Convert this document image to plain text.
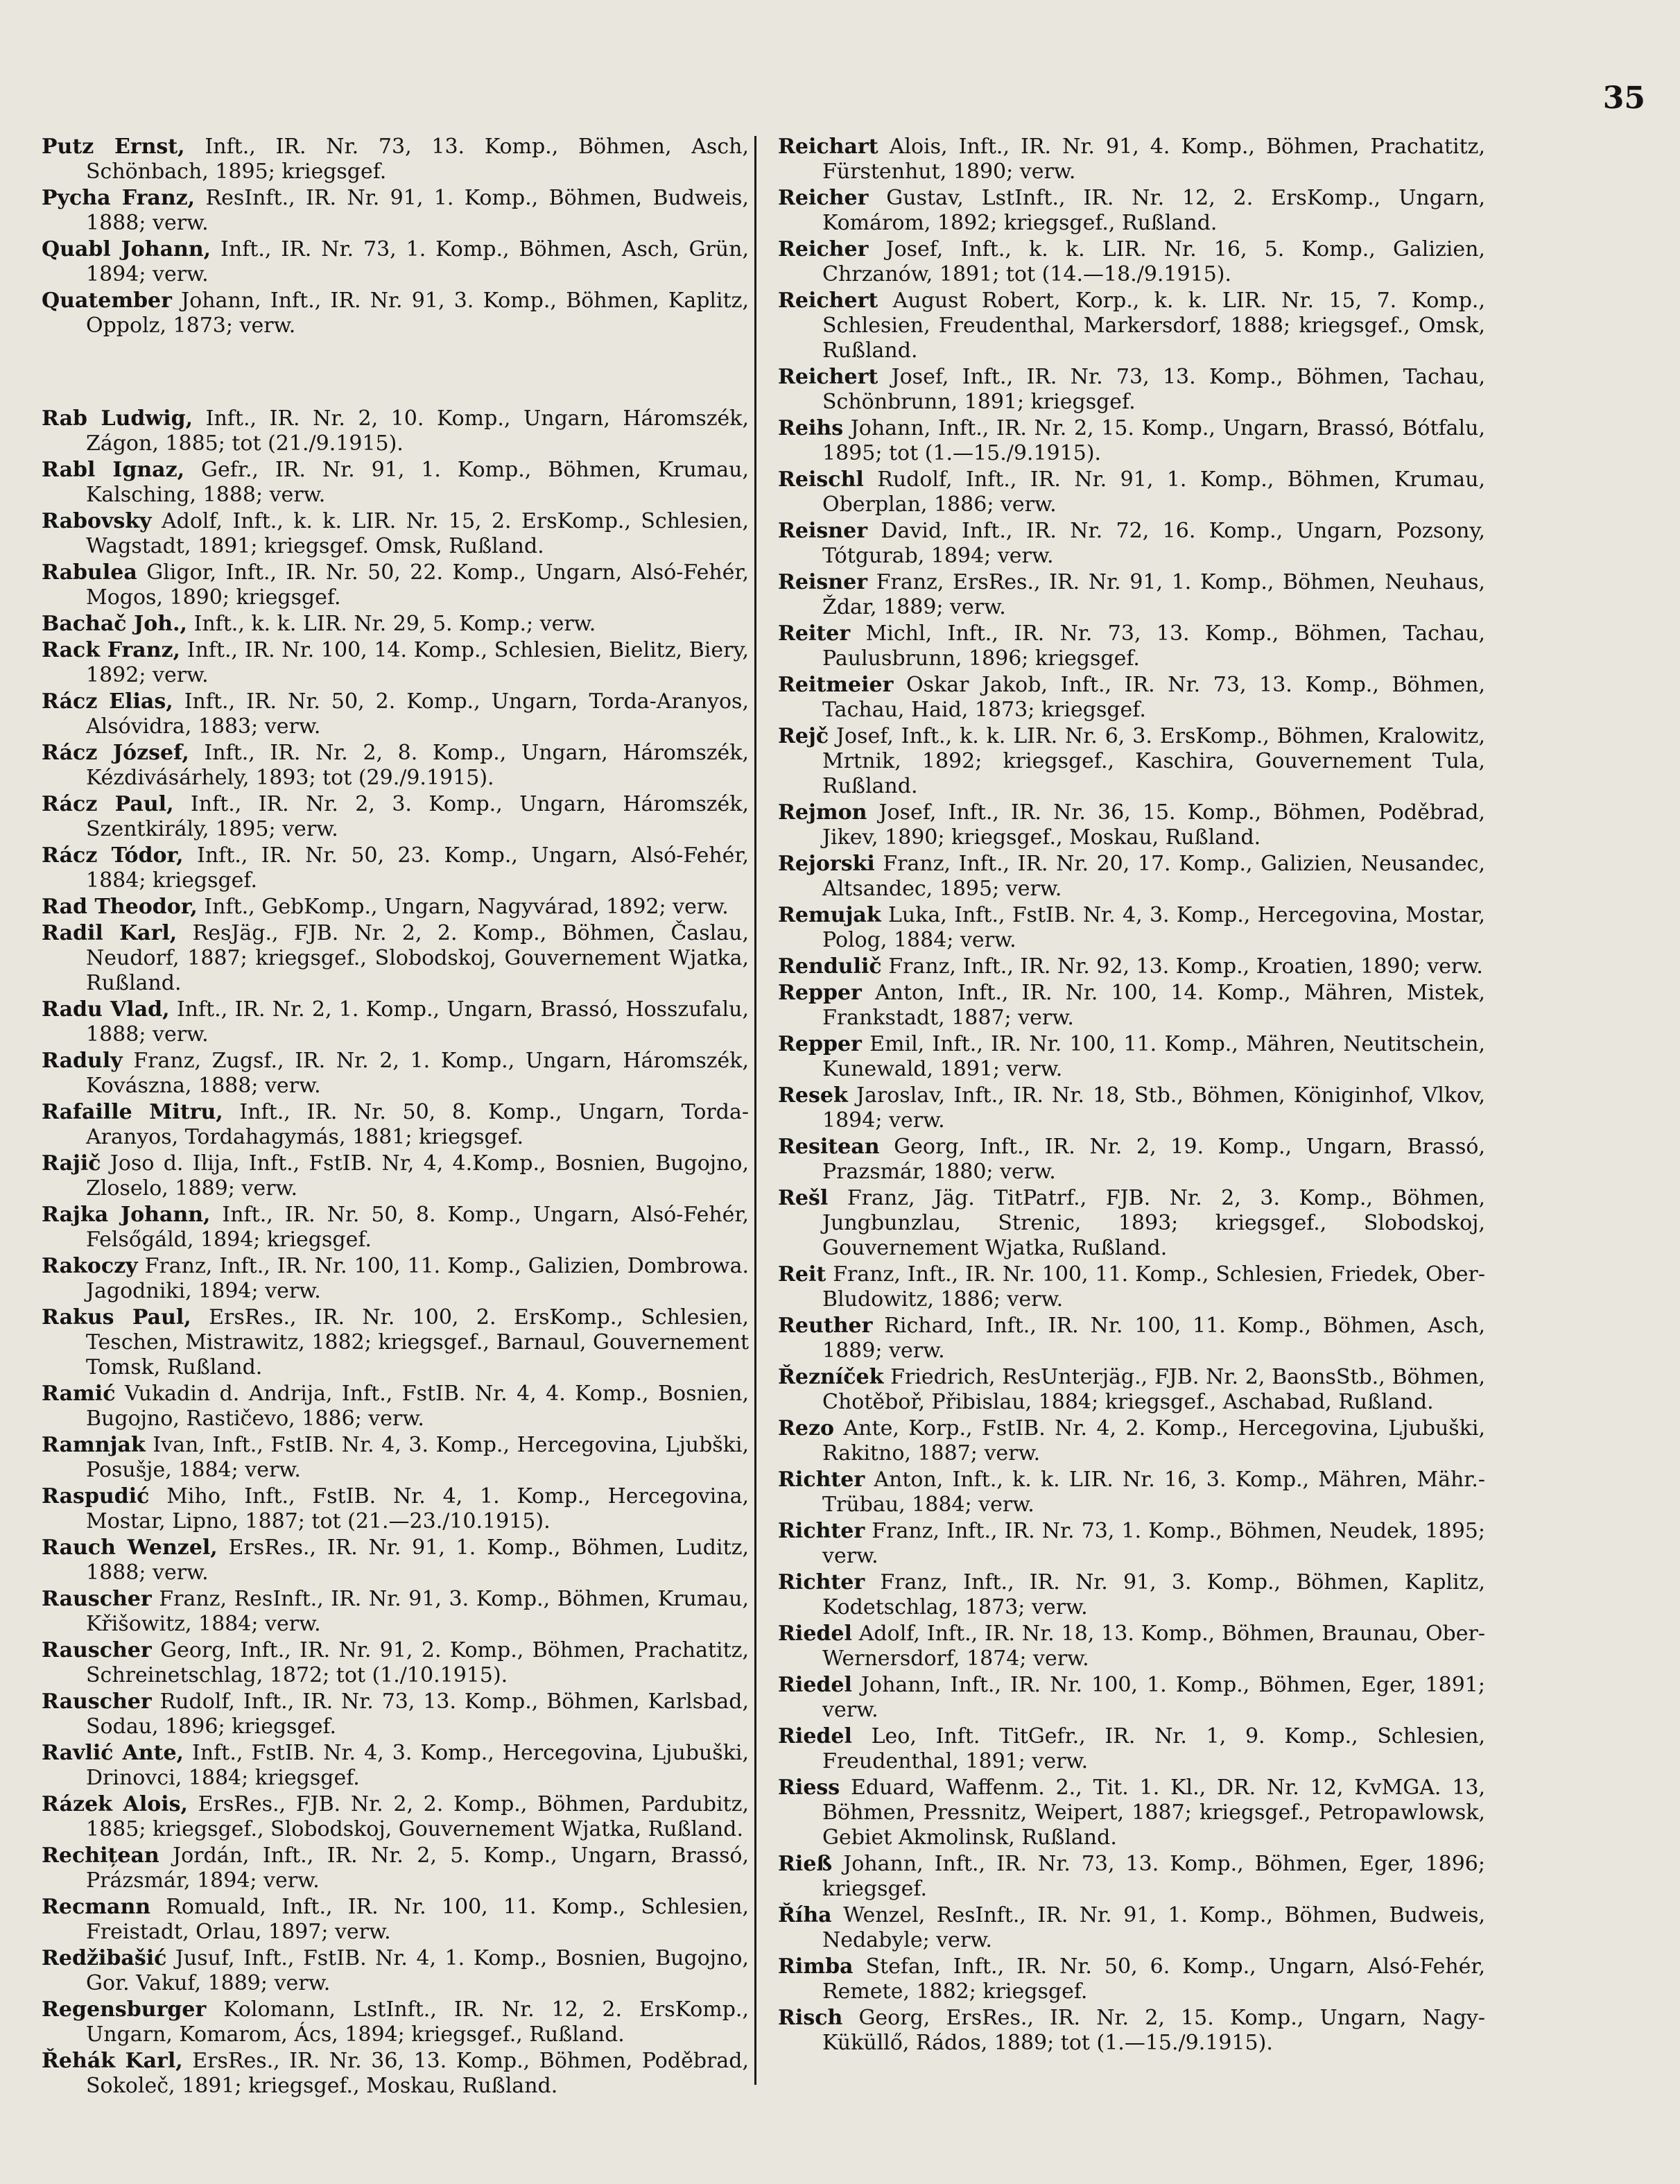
35

Putz Ernst, Inft., IR. Nr. 73, 13. Komp., Böhmen, Asch, Schönbach, 1895; kriegsgef.

Pycha Franz, ResInft., IR. Nr. 91, 1. Komp., Böhmen, Budweis, 1888; verw.

Quabl Johann, Inft., IR. Nr. 73, 1. Komp., Böhmen, Asch, Grün, 1894; verw.

Quatember Johann, Inft., IR. Nr. 91, 3. Komp., Böhmen, Kaplitz, Oppolz, 1873; verw.

Rab Ludwig, Inft., IR. Nr. 2, 10. Komp., Ungarn, Háromszék, Zágon, 1885; tot (21./9.1915).

Rabl Ignaz, Gefr., IR. Nr. 91, 1. Komp., Böhmen, Krumau, Kalsching, 1888; verw.

Rabovsky Adolf, Inft., k. k. LIR. Nr. 15, 2. ErsKomp., Schlesien, Wagstadt, 1891; kriegsgef. Omsk, Rußland.

Rabulea Gligor, Inft., IR. Nr. 50, 22. Komp., Ungarn, Alsó-Fehér, Mogos, 1890; kriegsgef.

Bachač Joh., Inft., k. k. LIR. Nr. 29, 5. Komp.; verw.

Rack Franz, Inft., IR. Nr. 100, 14. Komp., Schlesien, Bielitz, Biery, 1892; verw.

Rácz Elias, Inft., IR. Nr. 50, 2. Komp., Ungarn, Torda-Aranyos, Alsóvidra, 1883; verw.

Rácz József, Inft., IR. Nr. 2, 8. Komp., Ungarn, Háromszék, Kézdivásárhely, 1893; tot (29./9.1915).

Rácz Paul, Inft., IR. Nr. 2, 3. Komp., Ungarn, Háromszék, Szentkirály, 1895; verw.

Rácz Tódor, Inft., IR. Nr. 50, 23. Komp., Ungarn, Alsó-Fehér, 1884; kriegsgef.

Rad Theodor, Inft., GebKomp., Ungarn, Nagyvárad, 1892; verw.

Radil Karl, ResJäg., FJB. Nr. 2, 2. Komp., Böhmen, Časlau, Neudorf, 1887; kriegsgef., Slobodskoj, Gouvernement Wjatka, Rußland.

Radu Vlad, Inft., IR. Nr. 2, 1. Komp., Ungarn, Brassó, Hosszufalu, 1888; verw.

Raduly Franz, Zugsf., IR. Nr. 2, 1. Komp., Ungarn, Háromszék, Kovászna, 1888; verw.

Rafaille Mitru, Inft., IR. Nr. 50, 8. Komp., Ungarn, Torda-Aranyos, Tordahagymás, 1881; kriegsgef.

Rajič Joso d. Ilija, Inft., FstIB. Nr, 4, 4.Komp., Bosnien, Bugojno, Zloselo, 1889; verw.

Rajka Johann, Inft., IR. Nr. 50, 8. Komp., Ungarn, Alsó-Fehér, Felsőgáld, 1894; kriegsgef.

Rakoczy Franz, Inft., IR. Nr. 100, 11. Komp., Galizien, Dombrowa. Jagodniki, 1894; verw.

Rakus Paul, ErsRes., IR. Nr. 100, 2. ErsKomp., Schlesien, Teschen, Mistrawitz, 1882; kriegsgef., Barnaul, Gouvernement Tomsk, Rußland.

Ramić Vukadin d. Andrija, Inft., FstIB. Nr. 4, 4. Komp., Bosnien, Bugojno, Rastičevo, 1886; verw.

Ramnjak Ivan, Inft., FstIB. Nr. 4, 3. Komp., Hercegovina, Ljubški, Posušje, 1884; verw.

Raspudić Miho, Inft., FstIB. Nr. 4, 1. Komp., Hercegovina, Mostar, Lipno, 1887; tot (21.—23./10.1915).

Rauch Wenzel, ErsRes., IR. Nr. 91, 1. Komp., Böhmen, Luditz, 1888; verw.

Rauscher Franz, ResInft., IR. Nr. 91, 3. Komp., Böhmen, Krumau, Křišowitz, 1884; verw.

Rauscher Georg, Inft., IR. Nr. 91, 2. Komp., Böhmen, Prachatitz, Schreinetschlag, 1872; tot (1./10.1915).

Rauscher Rudolf, Inft., IR. Nr. 73, 13. Komp., Böhmen, Karlsbad, Sodau, 1896; kriegsgef.

Ravlić Ante, Inft., FstIB. Nr. 4, 3. Komp., Hercegovina, Ljubuški, Drinovci, 1884; kriegsgef.

Rázek Alois, ErsRes., FJB. Nr. 2, 2. Komp., Böhmen, Pardubitz, 1885; kriegsgef., Slobodskoj, Gouvernement Wjatka, Rußland.

Rechițean Jordán, Inft., IR. Nr. 2, 5. Komp., Ungarn, Brassó, Prázsmár, 1894; verw.

Recmann Romuald, Inft., IR. Nr. 100, 11. Komp., Schlesien, Freistadt, Orlau, 1897; verw.

Redžibašić Jusuf, Inft., FstIB. Nr. 4, 1. Komp., Bosnien, Bugojno, Gor. Vakuf, 1889; verw.

Regensburger Kolomann, LstInft., IR. Nr. 12, 2. ErsKomp., Ungarn, Komarom, Ács, 1894; kriegsgef., Rußland.

Řehák Karl, ErsRes., IR. Nr. 36, 13. Komp., Böhmen, Poděbrad, Sokoleč, 1891; kriegsgef., Moskau, Rußland.

Reichart Alois, Inft., IR. Nr. 91, 4. Komp., Böhmen, Prachatitz, Fürstenhut, 1890; verw.

Reicher Gustav, LstInft., IR. Nr. 12, 2. ErsKomp., Ungarn, Komárom, 1892; kriegsgef., Rußland.

Reicher Josef, Inft., k. k. LIR. Nr. 16, 5. Komp., Galizien, Chrzanów, 1891; tot (14.—18./9.1915).

Reichert August Robert, Korp., k. k. LIR. Nr. 15, 7. Komp., Schlesien, Freudenthal, Markersdorf, 1888; kriegsgef., Omsk, Rußland.

Reichert Josef, Inft., IR. Nr. 73, 13. Komp., Böhmen, Tachau, Schönbrunn, 1891; kriegsgef.

Reihs Johann, Inft., IR. Nr. 2, 15. Komp., Ungarn, Brassó, Bótfalu, 1895; tot (1.—15./9.1915).

Reischl Rudolf, Inft., IR. Nr. 91, 1. Komp., Böhmen, Krumau, Oberplan, 1886; verw.

Reisner David, Inft., IR. Nr. 72, 16. Komp., Ungarn, Pozsony, Tótgurab, 1894; verw.

Reisner Franz, ErsRes., IR. Nr. 91, 1. Komp., Böhmen, Neuhaus, Ždar, 1889; verw.

Reiter Michl, Inft., IR. Nr. 73, 13. Komp., Böhmen, Tachau, Paulusbrunn, 1896; kriegsgef.

Reitmeier Oskar Jakob, Inft., IR. Nr. 73, 13. Komp., Böhmen, Tachau, Haid, 1873; kriegsgef.

Rejč Josef, Inft., k. k. LIR. Nr. 6, 3. ErsKomp., Böhmen, Kralowitz, Mrtnik, 1892; kriegsgef., Kaschira, Gouvernement Tula, Rußland.

Rejmon Josef, Inft., IR. Nr. 36, 15. Komp., Böhmen, Poděbrad, Jikev, 1890; kriegsgef., Moskau, Rußland.

Rejorski Franz, Inft., IR. Nr. 20, 17. Komp., Galizien, Neusandec, Altsandec, 1895; verw.

Remujak Luka, Inft., FstIB. Nr. 4, 3. Komp., Hercegovina, Mostar, Polog, 1884; verw.

Rendulič Franz, Inft., IR. Nr. 92, 13. Komp., Kroatien, 1890; verw.

Repper Anton, Inft., IR. Nr. 100, 14. Komp., Mähren, Mistek, Frankstadt, 1887; verw.

Repper Emil, Inft., IR. Nr. 100, 11. Komp., Mähren, Neutitschein, Kunewald, 1891; verw.

Resek Jaroslav, Inft., IR. Nr. 18, Stb., Böhmen, Königinhof, Vlkov, 1894; verw.

Resitean Georg, Inft., IR. Nr. 2, 19. Komp., Ungarn, Brassó, Prazsmár, 1880; verw.

Rešl Franz, Jäg. TitPatrf., FJB. Nr. 2, 3. Komp., Böhmen, Jungbunzlau, Strenic, 1893; kriegsgef., Slobodskoj, Gouvernement Wjatka, Rußland.

Reit Franz, Inft., IR. Nr. 100, 11. Komp., Schlesien, Friedek, Ober-Bludowitz, 1886; verw.

Reuther Richard, Inft., IR. Nr. 100, 11. Komp., Böhmen, Asch, 1889; verw.

Řezníček Friedrich, ResUnterjäg., FJB. Nr. 2, BaonsStb., Böhmen, Chotěboř, Přibislau, 1884; kriegsgef., Aschabad, Rußland.

Rezo Ante, Korp., FstIB. Nr. 4, 2. Komp., Hercegovina, Ljubuški, Rakitno, 1887; verw.

Richter Anton, Inft., k. k. LIR. Nr. 16, 3. Komp., Mähren, Mähr.-Trübau, 1884; verw.

Richter Franz, Inft., IR. Nr. 73, 1. Komp., Böhmen, Neudek, 1895; verw.

Richter Franz, Inft., IR. Nr. 91, 3. Komp., Böhmen, Kaplitz, Kodetschlag, 1873; verw.

Riedel Adolf, Inft., IR. Nr. 18, 13. Komp., Böhmen, Braunau, Ober-Wernersdorf, 1874; verw.

Riedel Johann, Inft., IR. Nr. 100, 1. Komp., Böhmen, Eger, 1891; verw.

Riedel Leo, Inft. TitGefr., IR. Nr. 1, 9. Komp., Schlesien, Freudenthal, 1891; verw.

Riess Eduard, Waffenm. 2., Tit. 1. Kl., DR. Nr. 12, KvMGA. 13, Böhmen, Pressnitz, Weipert, 1887; kriegsgef., Petropawlowsk, Gebiet Akmolinsk, Rußland.

Rieß Johann, Inft., IR. Nr. 73, 13. Komp., Böhmen, Eger, 1896; kriegsgef.

Říha Wenzel, ResInft., IR. Nr. 91, 1. Komp., Böhmen, Budweis, Nedabyle; verw.

Rimba Stefan, Inft., IR. Nr. 50, 6. Komp., Ungarn, Alsó-Fehér, Remete, 1882; kriegsgef.

Risch Georg, ErsRes., IR. Nr. 2, 15. Komp., Ungarn, Nagy-Küküllő, Rádos, 1889; tot (1.—15./9.1915).
